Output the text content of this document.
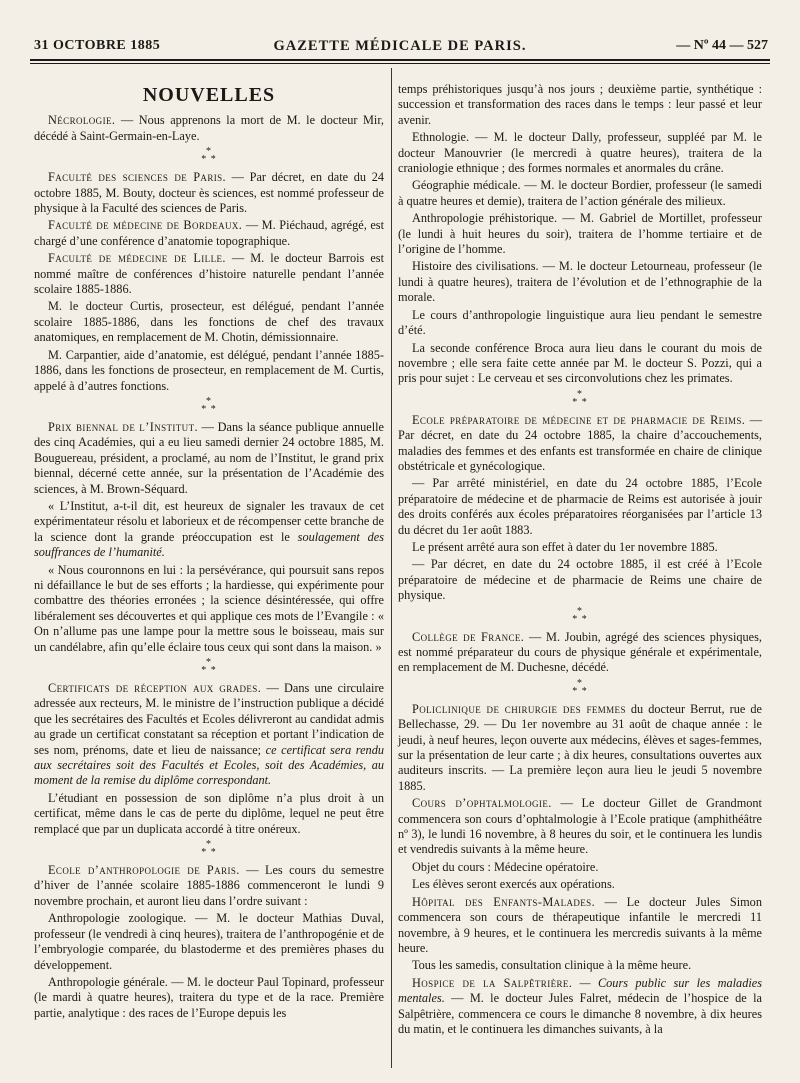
31 OCTOBRE 1885	GAZETTE MÉDICALE DE PARIS.	— Nº 44 — 527
NOUVELLES

Nécrologie. — Nous apprenons la mort de M. le docteur Mir, décédé à Saint-Germain-en-Laye.

*
* *

Faculté des sciences de Paris. — Par décret, en date du 24 octobre 1885, M. Bouty, docteur ès sciences, est nommé professeur de physique à la Faculté des sciences de Paris.

Faculté de médecine de Bordeaux. — M. Piéchaud, agrégé, est chargé d’une conférence d’anatomie topographique.

Faculté de médecine de Lille. — M. le docteur Barrois est nommé maître de conférences d’histoire naturelle pendant l’année scolaire 1885-1886.

M. le docteur Curtis, prosecteur, est délégué, pendant l’année scolaire 1885-1886, dans les fonctions de chef des travaux anatomiques, en remplacement de M. Chotin, démissionnaire.

M. Carpantier, aide d’anatomie, est délégué, pendant l’année 1885-1886, dans les fonctions de prosecteur, en remplacement de M. Curtis, appelé à d’autres fonctions.

*
* *

Prix biennal de l’Institut. — Dans la séance publique annuelle des cinq Académies, qui a eu lieu samedi dernier 24 octobre 1885, M. Bouguereau, président, a proclamé, au nom de l’Institut, le grand prix biennal, décerné cette année, sur la présentation de l’Académie des sciences, à M. Brown-Séquard.

« L’Institut, a-t-il dit, est heureux de signaler les travaux de cet expérimentateur résolu et laborieux et de récompenser cette branche de la science dont la grande préoccupation est le soulagement des souffrances de l’humanité.

« Nous couronnons en lui : la persévérance, qui poursuit sans repos ni défaillance le but de ses efforts ; la hardiesse, qui expérimente pour combattre des théories erronées ; la science désintéressée, qui offre libéralement ses découvertes et qui applique ces mots de l’Evangile : « On n’allume pas une lampe pour la mettre sous le boisseau, mais sur un candélabre, afin qu’elle éclaire tous ceux qui sont dans la maison. »

*
* *

Certificats de réception aux grades. — Dans une circulaire adressée aux recteurs, M. le ministre de l’instruction publique a décidé que les secrétaires des Facultés et Ecoles délivreront au candidat admis au grade un certificat constatant sa réception et portant l’indication de ses nom, prénoms, date et lieu de naissance; ce certificat sera rendu aux secrétaires soit des Facultés et Ecoles, soit des Académies, au moment de la remise du diplôme correspondant.

L’étudiant en possession de son diplôme n’a plus droit à un certificat, même dans le cas de perte du diplôme, lequel ne peut être remplacé que par un duplicata accordé à titre onéreux.

*
* *

Ecole d’anthropologie de Paris. — Les cours du semestre d’hiver de l’année scolaire 1885-1886 commenceront le lundi 9 novembre prochain, et auront lieu dans l’ordre suivant :

Anthropologie zoologique. — M. le docteur Mathias Duval, professeur (le vendredi à cinq heures), traitera de l’anthropogénie et de l’embryologie comparée, du blastoderme et des premières phases du développement.

Anthropologie générale. — M. le docteur Paul Topinard, professeur (le mardi à quatre heures), traitera du type et de la race. Première partie, analytique : des races de l’Europe depuis les

temps préhistoriques jusqu’à nos jours ; deuxième partie, synthétique : succession et transformation des races dans le temps : leur passé et leur avenir.

Ethnologie. — M. le docteur Dally, professeur, suppléé par M. le docteur Manouvrier (le mercredi à quatre heures), traitera de la craniologie ethnique ; des formes normales et anormales du crâne.

Géographie médicale. — M. le docteur Bordier, professeur (le samedi à quatre heures et demie), traitera de l’action générale des milieux.

Anthropologie préhistorique. — M. Gabriel de Mortillet, professeur (le lundi à huit heures du soir), traitera de l’homme tertiaire et de l’origine de l’homme.

Histoire des civilisations. — M. le docteur Letourneau, professeur (le lundi à quatre heures), traitera de l’évolution et de l’ethnographie de la morale.

Le cours d’anthropologie linguistique aura lieu pendant le semestre d’été.

La seconde conférence Broca aura lieu dans le courant du mois de novembre ; elle sera faite cette année par M. le docteur S. Pozzi, qui a pris pour sujet : Le cerveau et ses circonvolutions chez les primates.

*
* *

Ecole préparatoire de médecine et de pharmacie de Reims. — Par décret, en date du 24 octobre 1885, la chaire d’accouchements, maladies des femmes et des enfants est transformée en chaire de clinique obstétricale et gynécologique.

— Par arrêté ministériel, en date du 24 octobre 1885, l’Ecole préparatoire de médecine et de pharmacie de Reims est autorisée à jouir des droits conférés aux écoles préparatoires réorganisées par l’article 13 du décret du 1er août 1883.

Le présent arrêté aura son effet à dater du 1er novembre 1885.

— Par décret, en date du 24 octobre 1885, il est créé à l’Ecole préparatoire de médecine et de pharmacie de Reims une chaire de physique.

*
* *

Collège de France. — M. Joubin, agrégé des sciences physiques, est nommé préparateur du cours de physique générale et expérimentale, en remplacement de M. Duchesne, décédé.

*
* *

Policlinique de chirurgie des femmes du docteur Berrut, rue de Bellechasse, 29. — Du 1er novembre au 31 août de chaque année : le jeudi, à neuf heures, leçon ouverte aux médecins, élèves et sages-femmes, sur la présentation de leur carte ; à dix heures, consultations ouvertes aux auditeurs inscrits. — La première leçon aura lieu le jeudi 5 novembre 1885.

Cours d’ophtalmologie. — Le docteur Gillet de Grandmont commencera son cours d’ophtalmologie à l’Ecole pratique (amphithéâtre nº 3), le lundi 16 novembre, à 8 heures du soir, et le continuera les lundis et vendredis suivants à la même heure.

Objet du cours : Médecine opératoire.

Les élèves seront exercés aux opérations.

Hôpital des Enfants-Malades. — Le docteur Jules Simon commencera son cours de thérapeutique infantile le mercredi 11 novembre, à 9 heures, et le continuera les mercredis suivants à la même heure.

Tous les samedis, consultation clinique à la même heure.

Hospice de la Salpêtrière. — Cours public sur les maladies mentales. — M. le docteur Jules Falret, médecin de l’hospice de la Salpêtrière, commencera ce cours le dimanche 8 novembre, à dix heures du matin, et le continuera les dimanches suivants, à la
